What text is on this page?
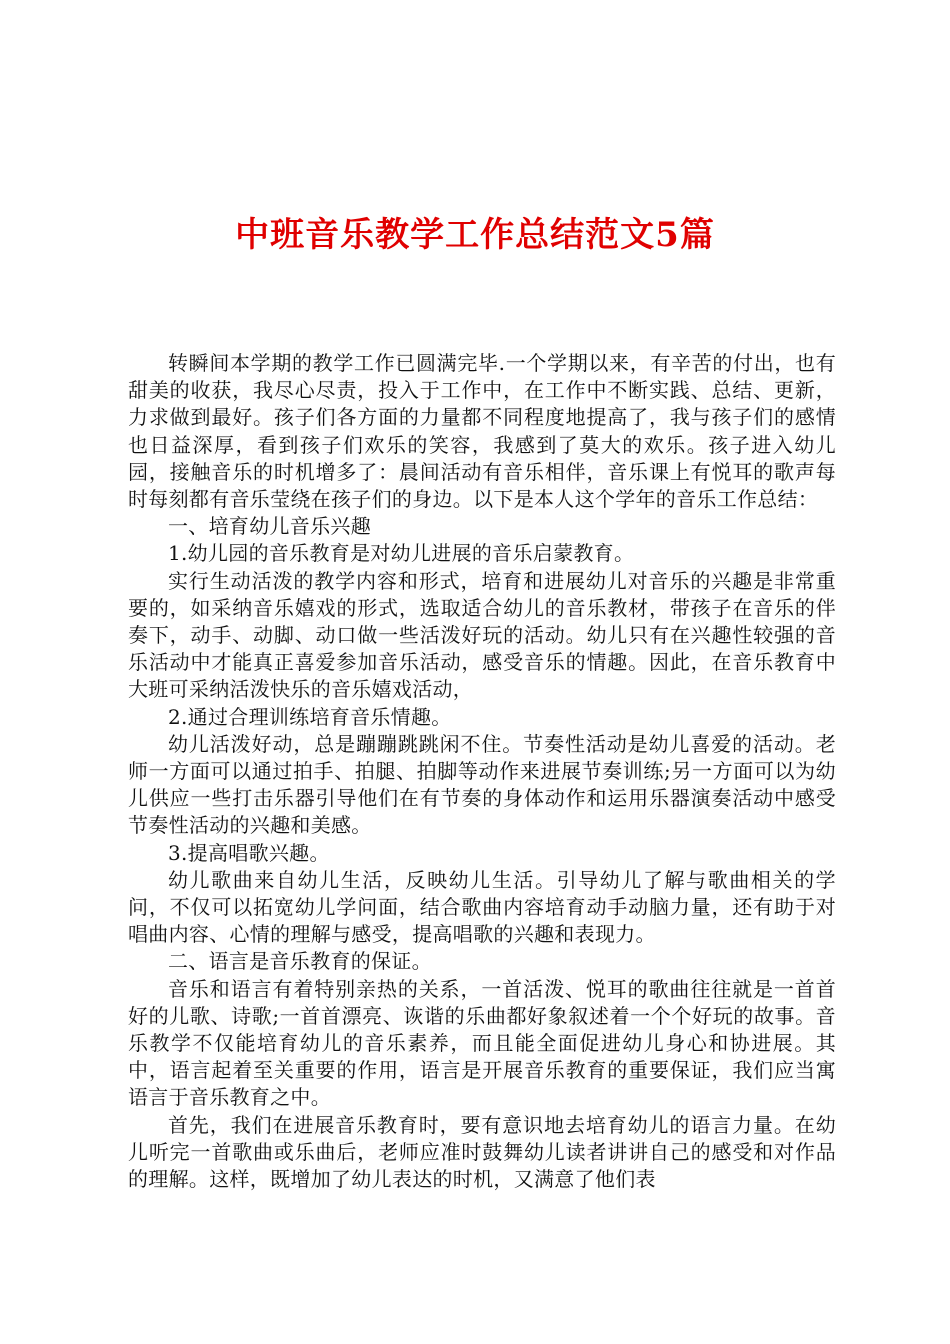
中班音乐教学工作总结范文5篇

转瞬间本学期的教学工作已圆满完毕.一个学期以来，有辛苦的付出，也有甜美的收获，我尽心尽责，投入于工作中，在工作中不断实践、总结、更新，力求做到最好。孩子们各方面的力量都不同程度地提高了，我与孩子们的感情也日益深厚，看到孩子们欢乐的笑容，我感到了莫大的欢乐。孩子进入幼儿园，接触音乐的时机增多了：晨间活动有音乐相伴，音乐课上有悦耳的歌声每时每刻都有音乐莹绕在孩子们的身边。以下是本人这个学年的音乐工作总结：

一、培育幼儿音乐兴趣

1.幼儿园的音乐教育是对幼儿进展的音乐启蒙教育。

实行生动活泼的教学内容和形式，培育和进展幼儿对音乐的兴趣是非常重要的，如采纳音乐嬉戏的形式，选取适合幼儿的音乐教材，带孩子在音乐的伴奏下，动手、动脚、动口做一些活泼好玩的活动。幼儿只有在兴趣性较强的音乐活动中才能真正喜爱参加音乐活动，感受音乐的情趣。因此，在音乐教育中大班可采纳活泼快乐的音乐嬉戏活动，

2.通过合理训练培育音乐情趣。

幼儿活泼好动，总是蹦蹦跳跳闲不住。节奏性活动是幼儿喜爱的活动。老师一方面可以通过拍手、拍腿、拍脚等动作来进展节奏训练;另一方面可以为幼儿供应一些打击乐器引导他们在有节奏的身体动作和运用乐器演奏活动中感受节奏性活动的兴趣和美感。

3.提高唱歌兴趣。

幼儿歌曲来自幼儿生活，反映幼儿生活。引导幼儿了解与歌曲相关的学问，不仅可以拓宽幼儿学问面，结合歌曲内容培育动手动脑力量，还有助于对唱曲内容、心情的理解与感受，提高唱歌的兴趣和表现力。

二、语言是音乐教育的保证。

音乐和语言有着特别亲热的关系，一首活泼、悦耳的歌曲往往就是一首首好的儿歌、诗歌;一首首漂亮、诙谐的乐曲都好象叙述着一个个好玩的故事。音乐教学不仅能培育幼儿的音乐素养，而且能全面促进幼儿身心和协进展。其中，语言起着至关重要的作用，语言是开展音乐教育的重要保证，我们应当寓语言于音乐教育之中。

首先，我们在进展音乐教育时，要有意识地去培育幼儿的语言力量。在幼儿听完一首歌曲或乐曲后，老师应准时鼓舞幼儿读者讲讲自己的感受和对作品的理解。这样，既增加了幼儿表达的时机，又满意了他们表
